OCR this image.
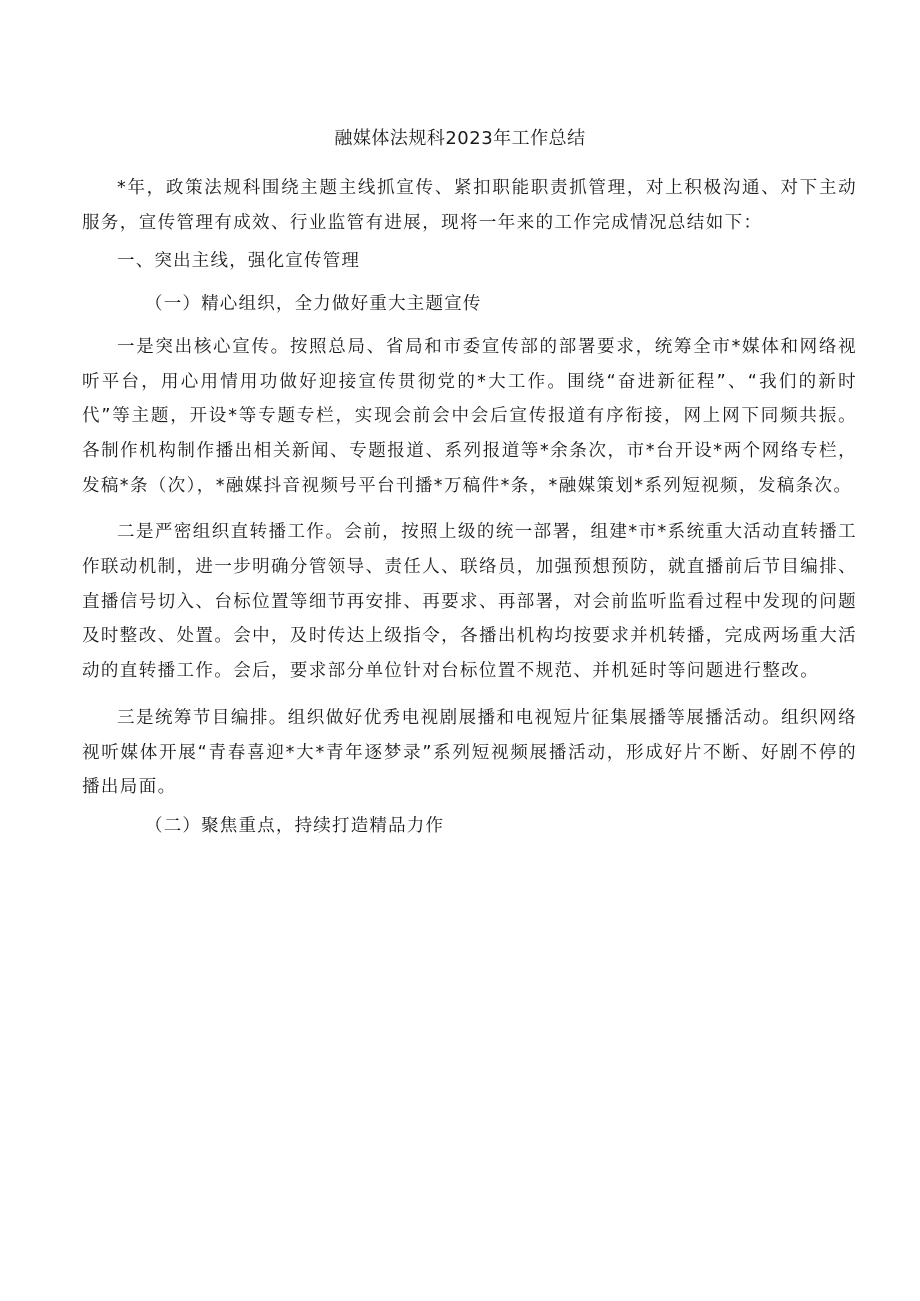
融媒体法规科2023年工作总结

*年，政策法规科围绕主题主线抓宣传、紧扣职能职责抓管理，对上积极沟通、对下主动服务，宣传管理有成效、行业监管有进展，现将一年来的工作完成情况总结如下：

一、突出主线，强化宣传管理

（一）精心组织，全力做好重大主题宣传

一是突出核心宣传。按照总局、省局和市委宣传部的部署要求，统筹全市*媒体和网络视听平台，用心用情用功做好迎接宣传贯彻党的*大工作。围绕“奋进新征程”、“我们的新时代”等主题，开设*等专题专栏，实现会前会中会后宣传报道有序衔接，网上网下同频共振。各制作机构制作播出相关新闻、专题报道、系列报道等*余条次，市*台开设*两个网络专栏，发稿*条（次），*融媒抖音视频号平台刊播*万稿件*条，*融媒策划*系列短视频，发稿条次。

二是严密组织直转播工作。会前，按照上级的统一部署，组建*市*系统重大活动直转播工作联动机制，进一步明确分管领导、责任人、联络员，加强预想预防，就直播前后节目编排、直播信号切入、台标位置等细节再安排、再要求、再部署，对会前监听监看过程中发现的问题及时整改、处置。会中，及时传达上级指令，各播出机构均按要求并机转播，完成两场重大活动的直转播工作。会后，要求部分单位针对台标位置不规范、并机延时等问题进行整改。

三是统筹节目编排。组织做好优秀电视剧展播和电视短片征集展播等展播活动。组织网络视听媒体开展“青春喜迎*大*青年逐梦录”系列短视频展播活动，形成好片不断、好剧不停的播出局面。

（二）聚焦重点，持续打造精品力作
